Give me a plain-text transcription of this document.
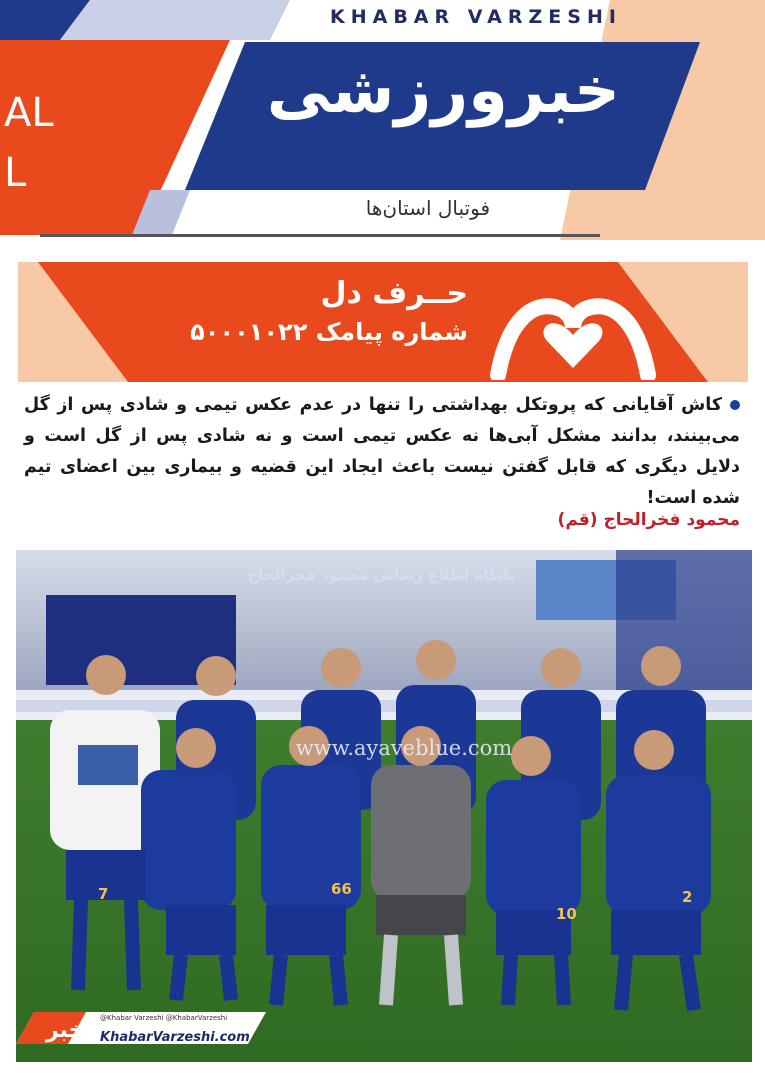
KHABAR VARZESHI
خبرورزشی
فوتبال استان‌ها
AL
L
حــرف دل
شماره پیامک ۵۰۰۰۱۰۲۲
کاش آقایانی که پروتکل بهداشتی را تنها در عدم عکس تیمی و شادی پس از گل می‌بینند، بدانند مشکل آبی‌ها نه عکس تیمی است و نه شادی پس از گل است و دلایل دیگری که قابل گفتن نیست باعث ایجاد این قضیه و بیماری بین اعضای تیم شده است!
محمود فخرالحاج (قم)
7	66
10
2
پایگاه اطلاع رسانی محمود فخرالحاج
www.ayaveblue.com
@Khabar Varzeshi @KhabarVarzeshi
خبر KhabarVarzeshi.com
